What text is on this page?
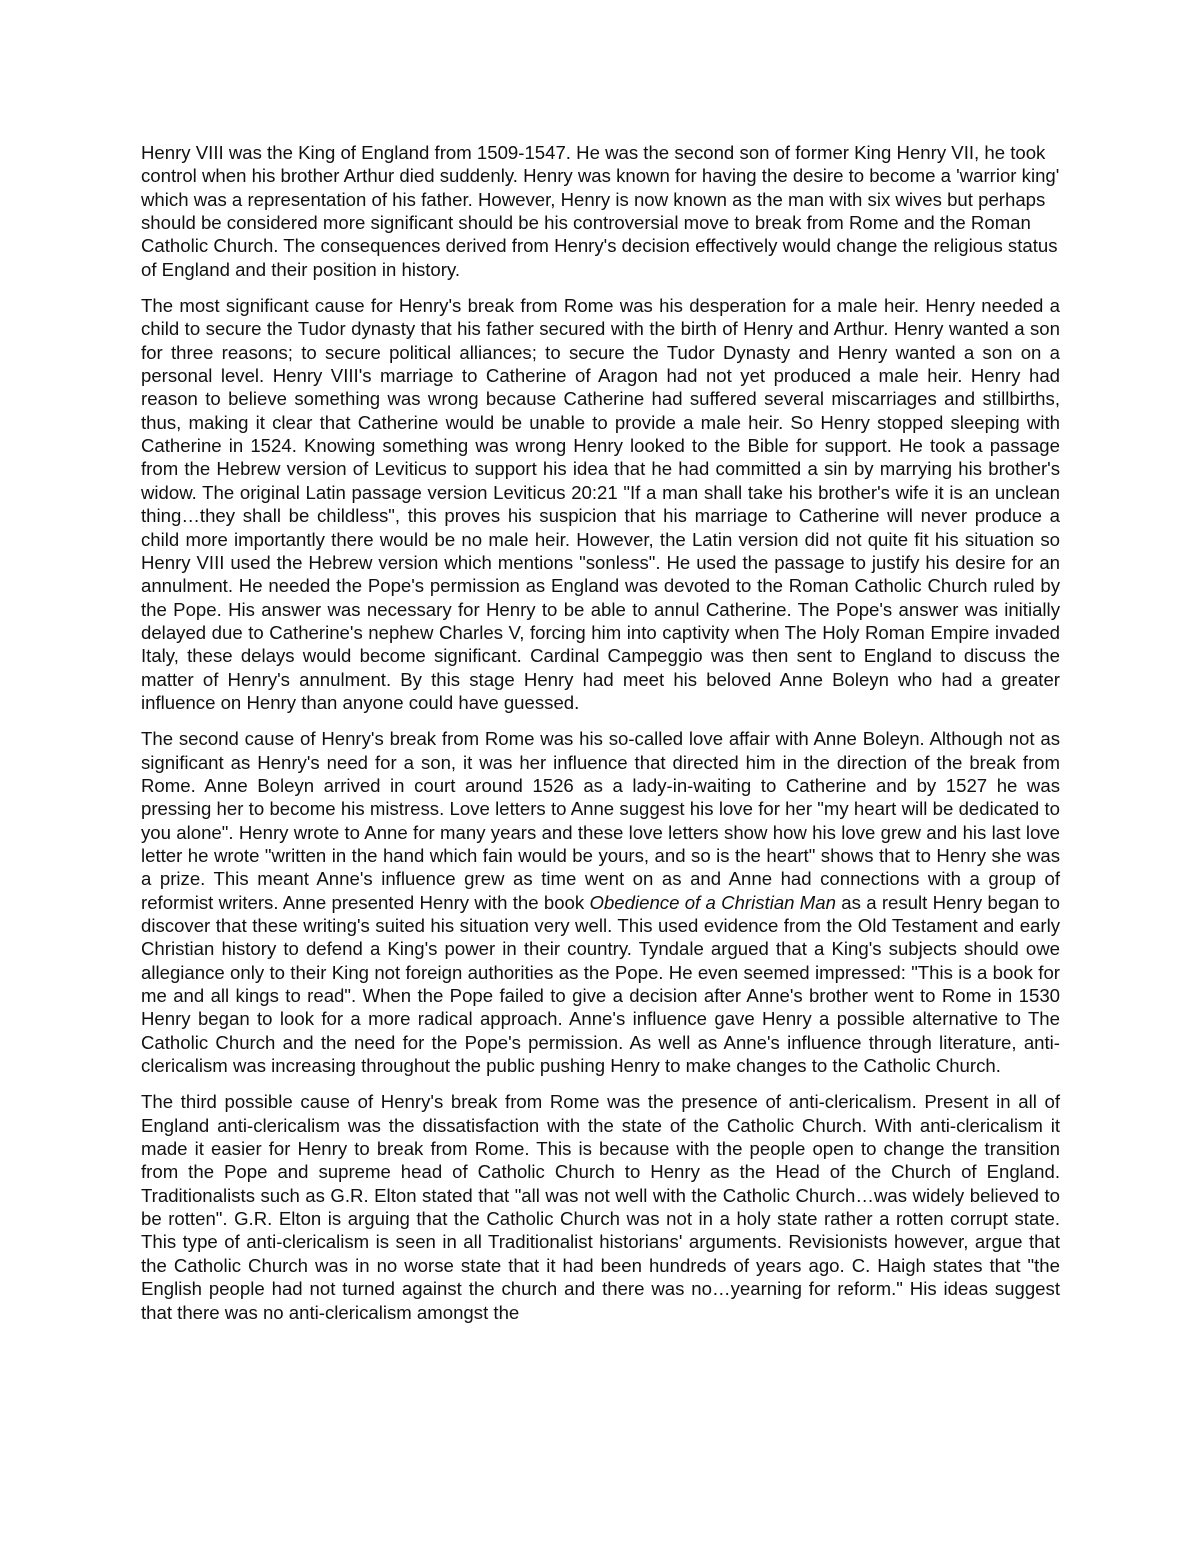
Henry VIII was the King of England from 1509-1547. He was the second son of former King Henry VII, he took control when his brother Arthur died suddenly. Henry was known for having the desire to become a 'warrior king' which was a representation of his father. However, Henry is now known as the man with six wives but perhaps should be considered more significant should be his controversial move to break from Rome and the Roman Catholic Church. The consequences derived from Henry's decision effectively would change the religious status of England and their position in history.

The most significant cause for Henry's break from Rome was his desperation for a male heir. Henry needed a child to secure the Tudor dynasty that his father secured with the birth of Henry and Arthur. Henry wanted a son for three reasons; to secure political alliances; to secure the Tudor Dynasty and Henry wanted a son on a personal level. Henry VIII's marriage to Catherine of Aragon had not yet produced a male heir. Henry had reason to believe something was wrong because Catherine had suffered several miscarriages and stillbirths, thus, making it clear that Catherine would be unable to provide a male heir. So Henry stopped sleeping with Catherine in 1524. Knowing something was wrong Henry looked to the Bible for support. He took a passage from the Hebrew version of Leviticus to support his idea that he had committed a sin by marrying his brother's widow. The original Latin passage version Leviticus 20:21 "If a man shall take his brother's wife it is an unclean thing…they shall be childless", this proves his suspicion that his marriage to Catherine will never produce a child more importantly there would be no male heir. However, the Latin version did not quite fit his situation so Henry VIII used the Hebrew version which mentions "sonless". He used the passage to justify his desire for an annulment. He needed the Pope's permission as England was devoted to the Roman Catholic Church ruled by the Pope. His answer was necessary for Henry to be able to annul Catherine. The Pope's answer was initially delayed due to Catherine's nephew Charles V, forcing him into captivity when The Holy Roman Empire invaded Italy, these delays would become significant. Cardinal Campeggio was then sent to England to discuss the matter of Henry's annulment. By this stage Henry had meet his beloved Anne Boleyn who had a greater influence on Henry than anyone could have guessed.

The second cause of Henry's break from Rome was his so-called love affair with Anne Boleyn. Although not as significant as Henry's need for a son, it was her influence that directed him in the direction of the break from Rome. Anne Boleyn arrived in court around 1526 as a lady-in-waiting to Catherine and by 1527 he was pressing her to become his mistress. Love letters to Anne suggest his love for her "my heart will be dedicated to you alone". Henry wrote to Anne for many years and these love letters show how his love grew and his last love letter he wrote "written in the hand which fain would be yours, and so is the heart" shows that to Henry she was a prize. This meant Anne's influence grew as time went on as and Anne had connections with a group of reformist writers. Anne presented Henry with the book Obedience of a Christian Man as a result Henry began to discover that these writing's suited his situation very well. This used evidence from the Old Testament and early Christian history to defend a King's power in their country. Tyndale argued that a King's subjects should owe allegiance only to their King not foreign authorities as the Pope. He even seemed impressed: "This is a book for me and all kings to read". When the Pope failed to give a decision after Anne's brother went to Rome in 1530 Henry began to look for a more radical approach. Anne's influence gave Henry a possible alternative to The Catholic Church and the need for the Pope's permission. As well as Anne's influence through literature, anti-clericalism was increasing throughout the public pushing Henry to make changes to the Catholic Church.

The third possible cause of Henry's break from Rome was the presence of anti-clericalism. Present in all of England anti-clericalism was the dissatisfaction with the state of the Catholic Church. With anti-clericalism it made it easier for Henry to break from Rome. This is because with the people open to change the transition from the Pope and supreme head of Catholic Church to Henry as the Head of the Church of England. Traditionalists such as G.R. Elton stated that "all was not well with the Catholic Church…was widely believed to be rotten". G.R. Elton is arguing that the Catholic Church was not in a holy state rather a rotten corrupt state. This type of anti-clericalism is seen in all Traditionalist historians' arguments. Revisionists however, argue that the Catholic Church was in no worse state that it had been hundreds of years ago. C. Haigh states that "the English people had not turned against the church and there was no…yearning for reform." His ideas suggest that there was no anti-clericalism amongst the
